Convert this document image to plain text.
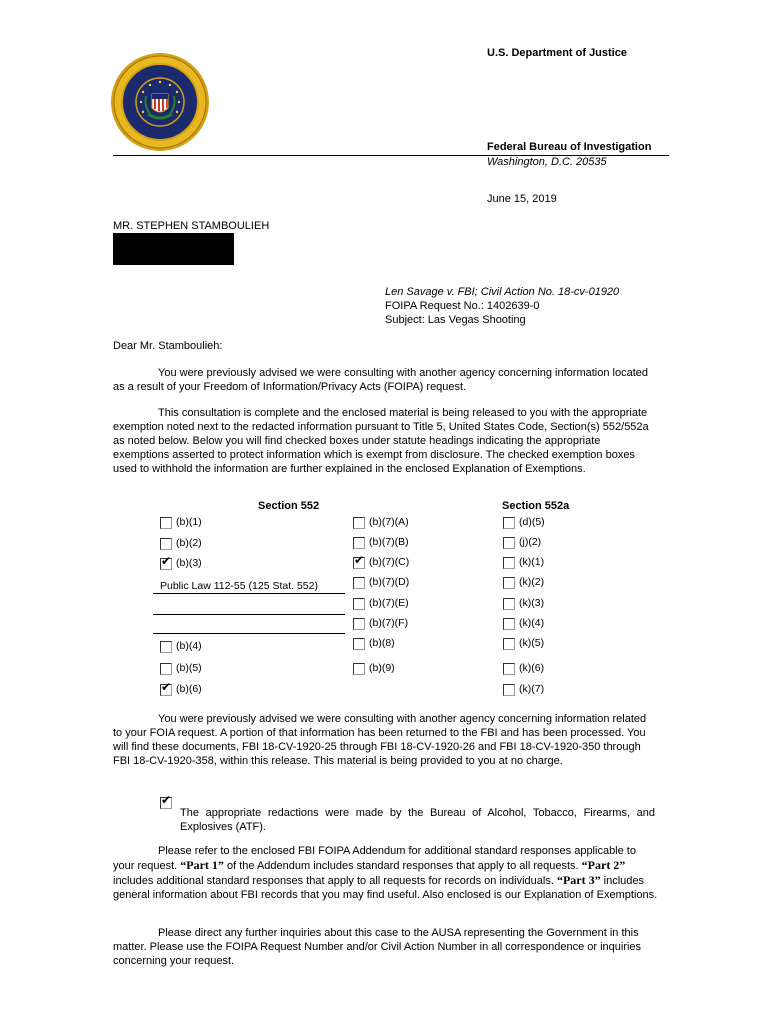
U.S. Department of Justice
Federal Bureau of Investigation
Washington, D.C. 20535
June 15, 2019
MR. STEPHEN STAMBOULIEH
Len Savage v. FBI; Civil Action No. 18-cv-01920
FOIPA Request No.: 1402639-0
Subject: Las Vegas Shooting
Dear Mr. Stamboulieh:

You were previously advised we were consulting with another agency concerning information located as a result of your Freedom of Information/Privacy Acts (FOIPA) request.

This consultation is complete and the enclosed material is being released to you with the appropriate exemption noted next to the redacted information pursuant to Title 5, United States Code, Section(s) 552/552a as noted below. Below you will find checked boxes under statute headings indicating the appropriate exemptions asserted to protect information which is exempt from disclosure. The checked exemption boxes used to withhold the information are further explained in the enclosed Explanation of Exemptions.

Section 552	Section 552a
(b)(1)
(b)(2)
✔ (b)(3)
(b)(4)
(b)(5)
✔ (b)(6)
(b)(7)(A)
(b)(7)(B)
✔ (b)(7)(C)
(b)(7)(D)
(b)(7)(E)
(b)(7)(F)
(b)(8)
(b)(9)
(d)(5)
(j)(2)
(k)(1)
(k)(2)
(k)(3)
(k)(4)
(k)(5)
(k)(6)
(k)(7)
Public Law 112-55 (125 Stat. 552)

You were previously advised we were consulting with another agency concerning information related to your FOIA request. A portion of that information has been returned to the FBI and has been processed. You will find these documents, FBI 18-CV-1920-25 through FBI 18-CV-1920-26 and FBI 18-CV-1920-350 through FBI 18-CV-1920-358, within this release. This material is being provided to you at no charge.

✔
The appropriate redactions were made by the Bureau of Alcohol, Tobacco, Firearms, and Explosives (ATF).

Please refer to the enclosed FBI FOIPA Addendum for additional standard responses applicable to your request. “Part 1” of the Addendum includes standard responses that apply to all requests. “Part 2” includes additional standard responses that apply to all requests for records on individuals. “Part 3” includes general information about FBI records that you may find useful. Also enclosed is our Explanation of Exemptions.

Please direct any further inquiries about this case to the AUSA representing the Government in this matter. Please use the FOIPA Request Number and/or Civil Action Number in all correspondence or inquiries concerning your request.
